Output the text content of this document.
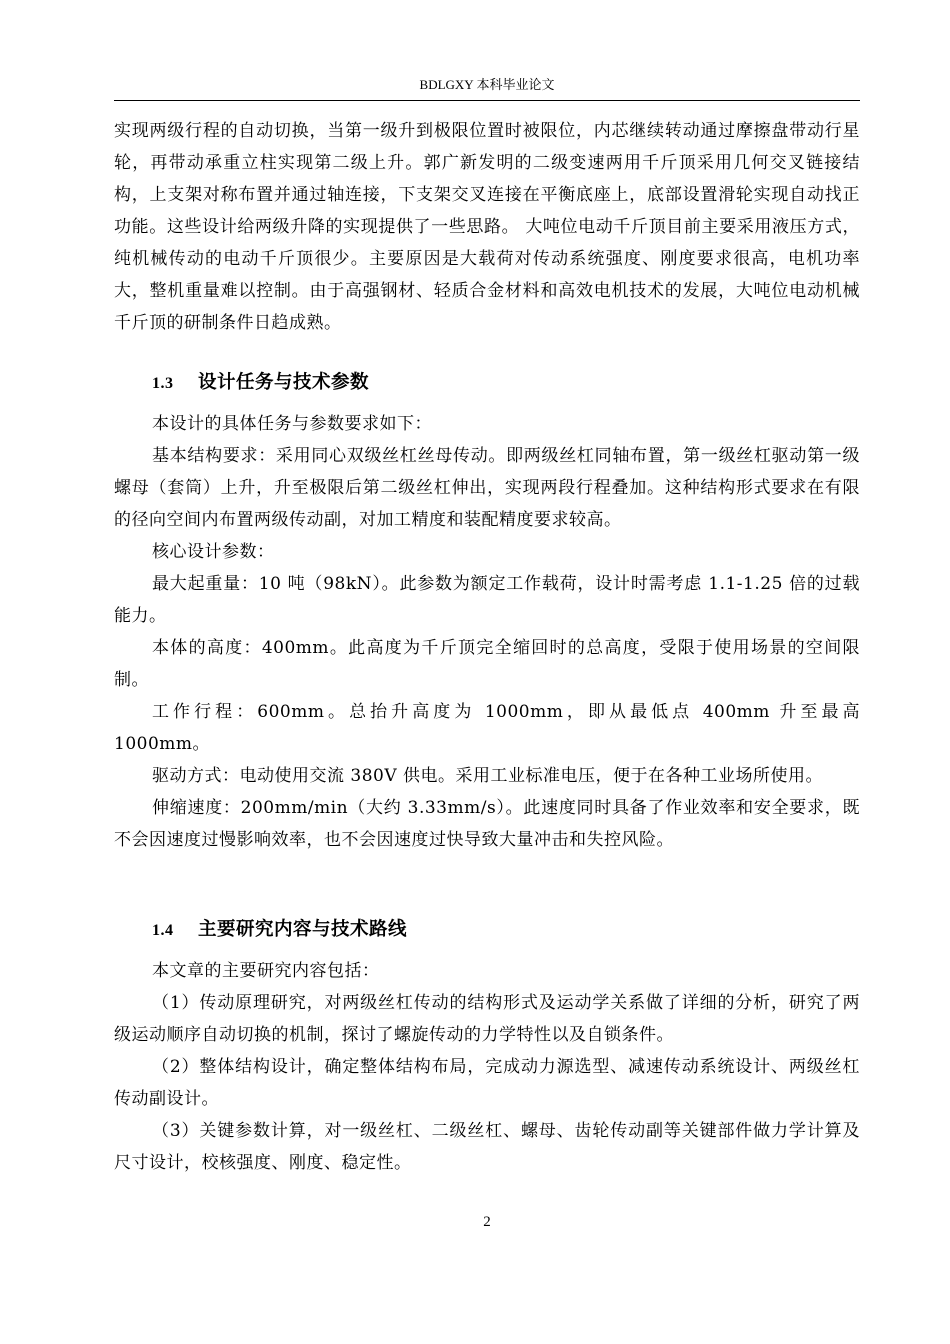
BDLGXY 本科毕业论文

实现两级行程的自动切换，当第一级升到极限位置时被限位，内芯继续转动通过摩擦盘带动行星轮，再带动承重立柱实现第二级上升。郭广新发明的二级变速两用千斤顶采用几何交叉链接结构，上支架对称布置并通过轴连接，下支架交叉连接在平衡底座上，底部设置滑轮实现自动找正功能。这些设计给两级升降的实现提供了一些思路。 大吨位电动千斤顶目前主要采用液压方式，纯机械传动的电动千斤顶很少。主要原因是大载荷对传动系统强度、刚度要求很高，电机功率大，整机重量难以控制。由于高强钢材、轻质合金材料和高效电机技术的发展，大吨位电动机械千斤顶的研制条件日趋成熟。

1.3 设计任务与技术参数

本设计的具体任务与参数要求如下：

基本结构要求：采用同心双级丝杠丝母传动。即两级丝杠同轴布置，第一级丝杠驱动第一级螺母（套筒）上升，升至极限后第二级丝杠伸出，实现两段行程叠加。这种结构形式要求在有限的径向空间内布置两级传动副，对加工精度和装配精度要求较高。

核心设计参数：

最大起重量：10 吨（98kN）。此参数为额定工作载荷，设计时需考虑 1.1-1.25 倍的过载能力。

本体的高度：400mm。此高度为千斤顶完全缩回时的总高度，受限于使用场景的空间限制。

工作行程：600mm。总抬升高度为 1000mm，即从最低点 400mm 升至最高

1000mm。

驱动方式：电动使用交流 380V 供电。采用工业标准电压，便于在各种工业场所使用。

伸缩速度：200mm/min（大约 3.33mm/s）。此速度同时具备了作业效率和安全要求，既不会因速度过慢影响效率，也不会因速度过快导致大量冲击和失控风险。

1.4 主要研究内容与技术路线

本文章的主要研究内容包括：

（1）传动原理研究，对两级丝杠传动的结构形式及运动学关系做了详细的分析，研究了两级运动顺序自动切换的机制，探讨了螺旋传动的力学特性以及自锁条件。

（2）整体结构设计，确定整体结构布局，完成动力源选型、减速传动系统设计、两级丝杠传动副设计。

（3）关键参数计算，对一级丝杠、二级丝杠、螺母、齿轮传动副等关键部件做力学计算及尺寸设计，校核强度、刚度、稳定性。

2
